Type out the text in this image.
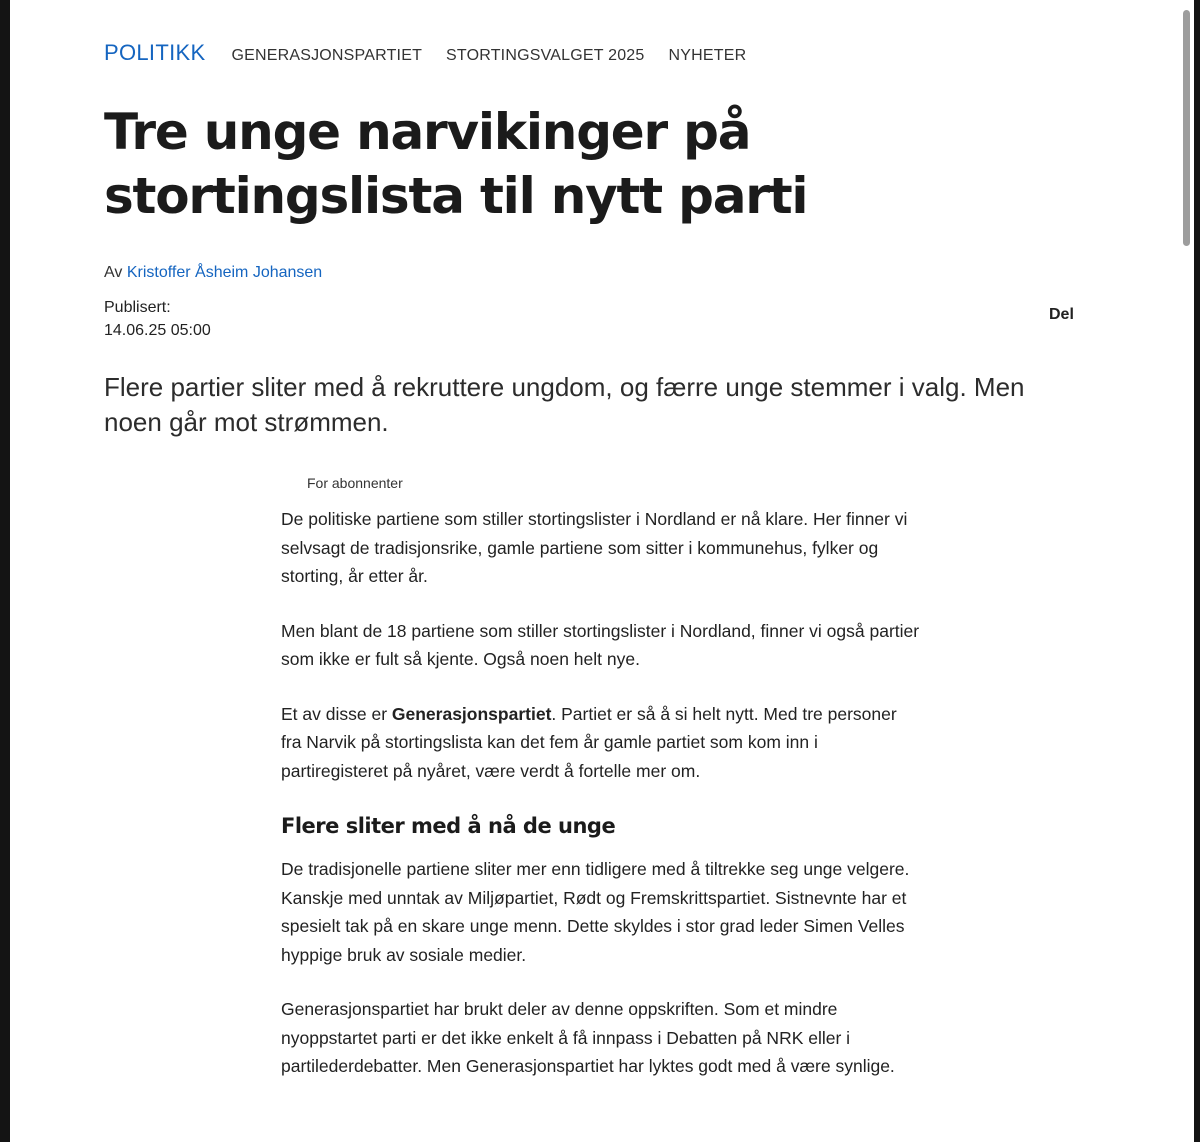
POLITIKK GENERASJONSPARTIET STORTINGSVALGET 2025 NYHETER
Tre unge narvikinger på stortingslista til nytt parti
Av Kristoffer Åsheim Johansen
Publisert:
14.06.25 05:00
Del
Flere partier sliter med å rekruttere ungdom, og færre unge stemmer i valg. Men noen går mot strømmen.
For abonnenter

De politiske partiene som stiller stortingslister i Nordland er nå klare. Her finner vi selvsagt de tradisjonsrike, gamle partiene som sitter i kommunehus, fylker og storting, år etter år.

Men blant de 18 partiene som stiller stortingslister i Nordland, finner vi også partier som ikke er fult så kjente. Også noen helt nye.

Et av disse er Generasjonspartiet. Partiet er så å si helt nytt. Med tre personer fra Narvik på stortingslista kan det fem år gamle partiet som kom inn i partiregisteret på nyåret, være verdt å fortelle mer om.

Flere sliter med å nå de unge

De tradisjonelle partiene sliter mer enn tidligere med å tiltrekke seg unge velgere. Kanskje med unntak av Miljøpartiet, Rødt og Fremskrittspartiet. Sistnevnte har et spesielt tak på en skare unge menn. Dette skyldes i stor grad leder Simen Velles hyppige bruk av sosiale medier.

Generasjonspartiet har brukt deler av denne oppskriften. Som et mindre nyoppstartet parti er det ikke enkelt å få innpass i Debatten på NRK eller i partilederdebatter. Men Generasjonspartiet har lyktes godt med å være synlige.
